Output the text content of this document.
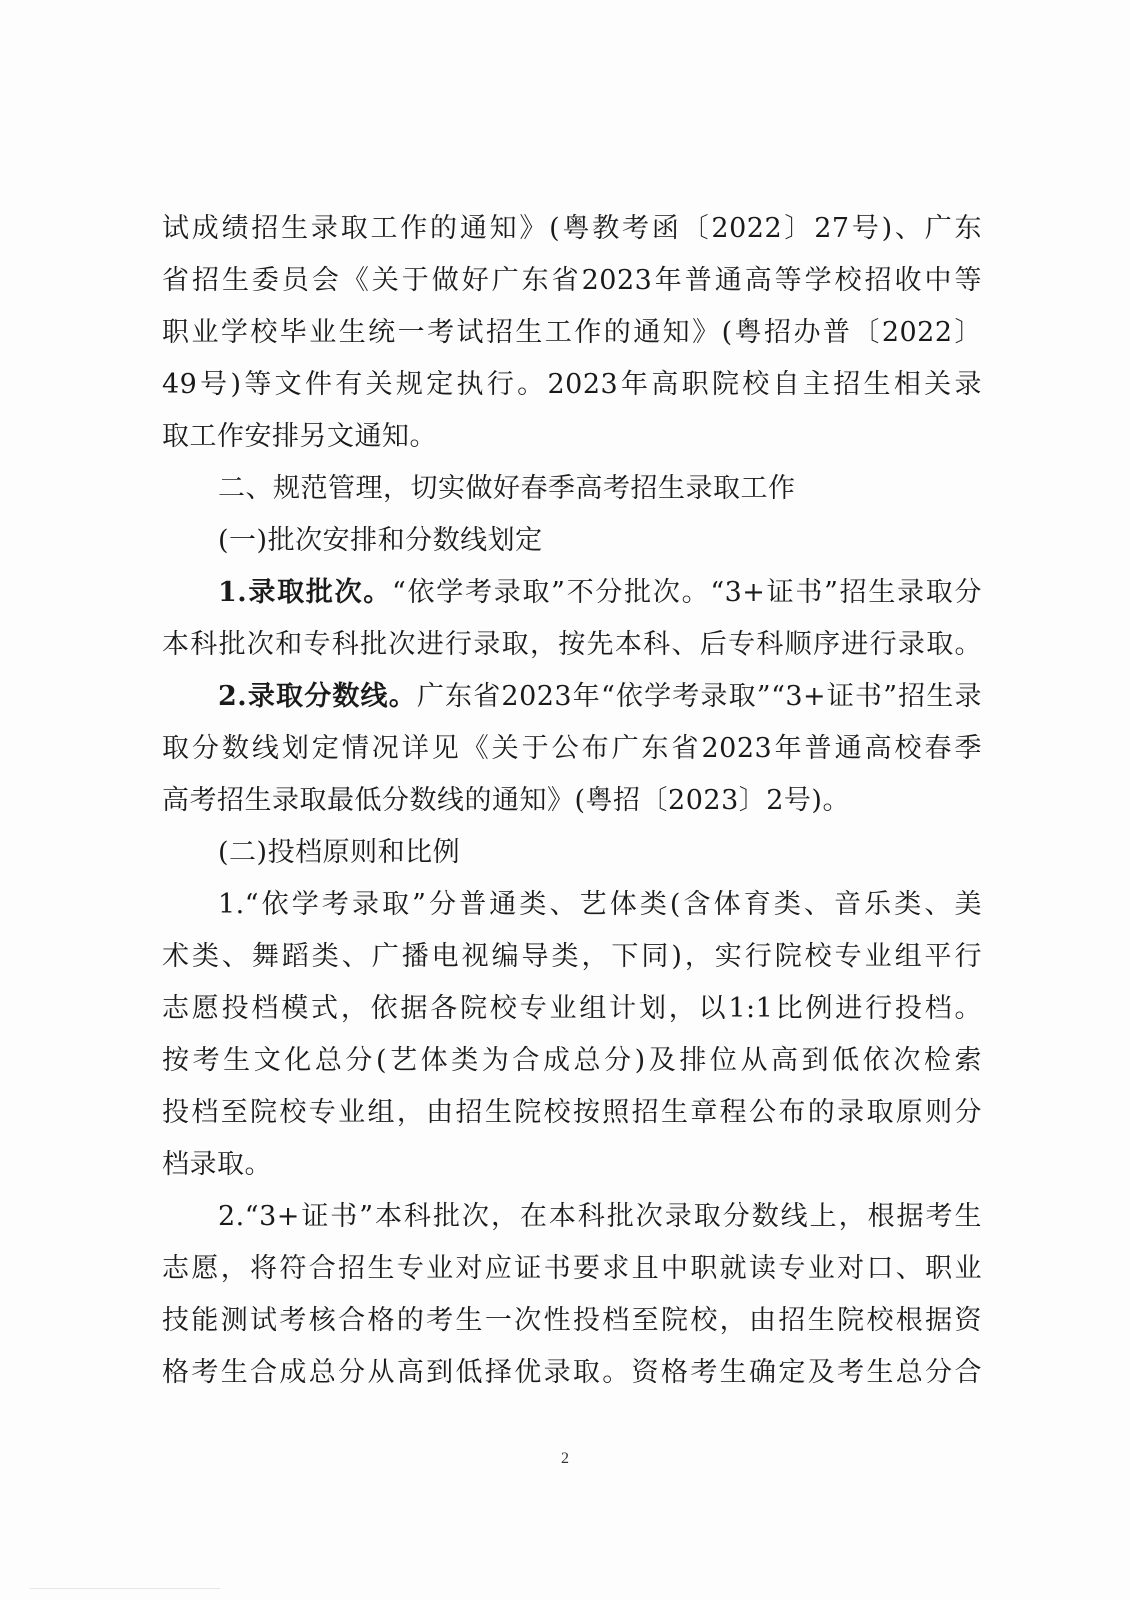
试成绩招生录取工作的通知》(粤教考函〔2022〕27号)、广东
省招生委员会《关于做好广东省2023年普通高等学校招收中等
职业学校毕业生统一考试招生工作的通知》(粤招办普〔2022〕
49号)等文件有关规定执行。2023年高职院校自主招生相关录
取工作安排另文通知。
二、规范管理，切实做好春季高考招生录取工作
(一)批次安排和分数线划定
1.录取批次。“依学考录取”不分批次。“3+证书”招生录取分
本科批次和专科批次进行录取，按先本科、后专科顺序进行录取。
2.录取分数线。广东省2023年“依学考录取”“3+证书”招生录
取分数线划定情况详见《关于公布广东省2023年普通高校春季
高考招生录取最低分数线的通知》(粤招〔2023〕2号)。
(二)投档原则和比例
1.“依学考录取”分普通类、艺体类(含体育类、音乐类、美
术类、舞蹈类、广播电视编导类，下同)，实行院校专业组平行
志愿投档模式，依据各院校专业组计划，以1:1比例进行投档。
按考生文化总分(艺体类为合成总分)及排位从高到低依次检索
投档至院校专业组，由招生院校按照招生章程公布的录取原则分
档录取。
2.“3+证书”本科批次，在本科批次录取分数线上，根据考生
志愿，将符合招生专业对应证书要求且中职就读专业对口、职业
技能测试考核合格的考生一次性投档至院校，由招生院校根据资
格考生合成总分从高到低择优录取。资格考生确定及考生总分合
2
